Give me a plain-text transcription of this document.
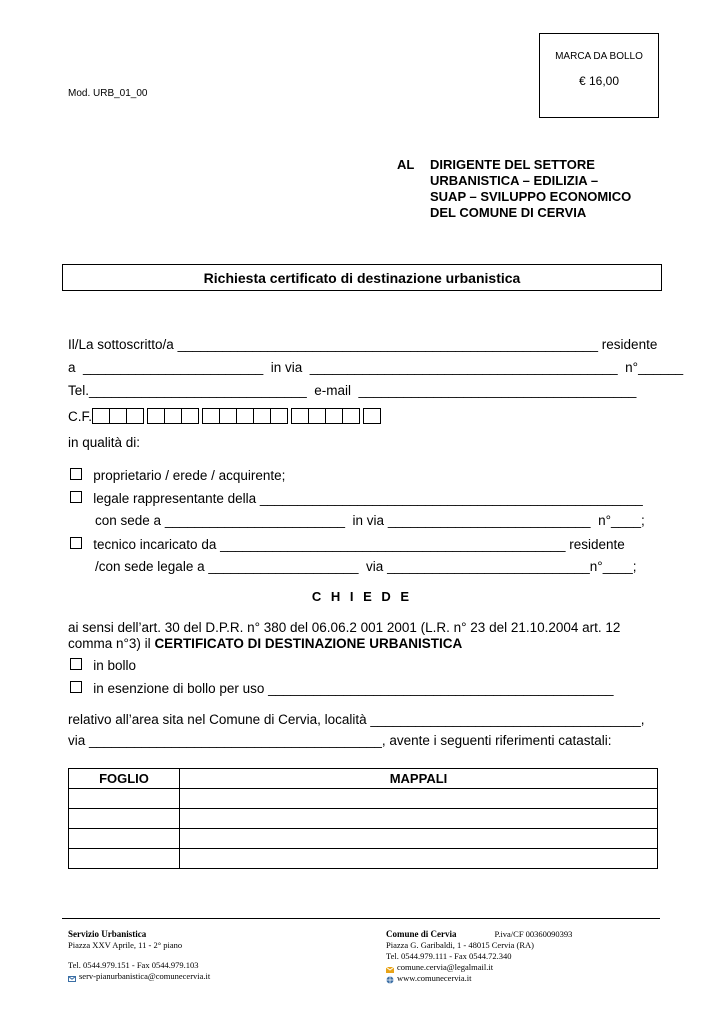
MARCA DA BOLLO
€ 16,00
Mod. URB_01_00
AL DIRIGENTE DEL SETTORE
URBANISTICA – EDILIZIA –
SUAP – SVILUPPO ECONOMICO
DEL COMUNE DI CERVIA
Richiesta certificato di destinazione urbanistica
Il/La sottoscritto/a ________________________________________________________ residente
a ________________________ in via _________________________________________ n°______
Tel._____________________________ e-mail _____________________________________
C.F.
in qualità di:
proprietario / erede / acquirente;
legale rappresentante della ___________________________________________________
con sede a ________________________ in via ___________________________ n°____;
tecnico incaricato da ______________________________________________ residente
/con sede legale a ____________________ via ___________________________n°____;
C H I E D E
ai sensi dell’art. 30 del D.P.R. n° 380 del 06.06.2 001 2001 (L.R. n° 23 del 21.10.2004 art. 12
comma n°3) il CERTIFICATO DI DESTINAZIONE URBANISTICA
in bollo
in esenzione di bollo per uso ______________________________________________
relativo all’area sita nel Comune di Cervia, località ____________________________________,
via _______________________________________, avente i seguenti riferimenti catastali:
FOGLIO	MAPPALI

Servizio Urbanistica
Piazza XXV Aprile, 11 - 2° piano
Tel. 0544.979.151 - Fax 0544.979.103
serv-pianurbanistica@comunecervia.it
Comune di Cervia	P.iva/CF 00360090393
Piazza G. Garibaldi, 1 - 48015 Cervia (RA)
Tel. 0544.979.111 - Fax 0544.72.340
comune.cervia@legalmail.it
www.comunecervia.it
